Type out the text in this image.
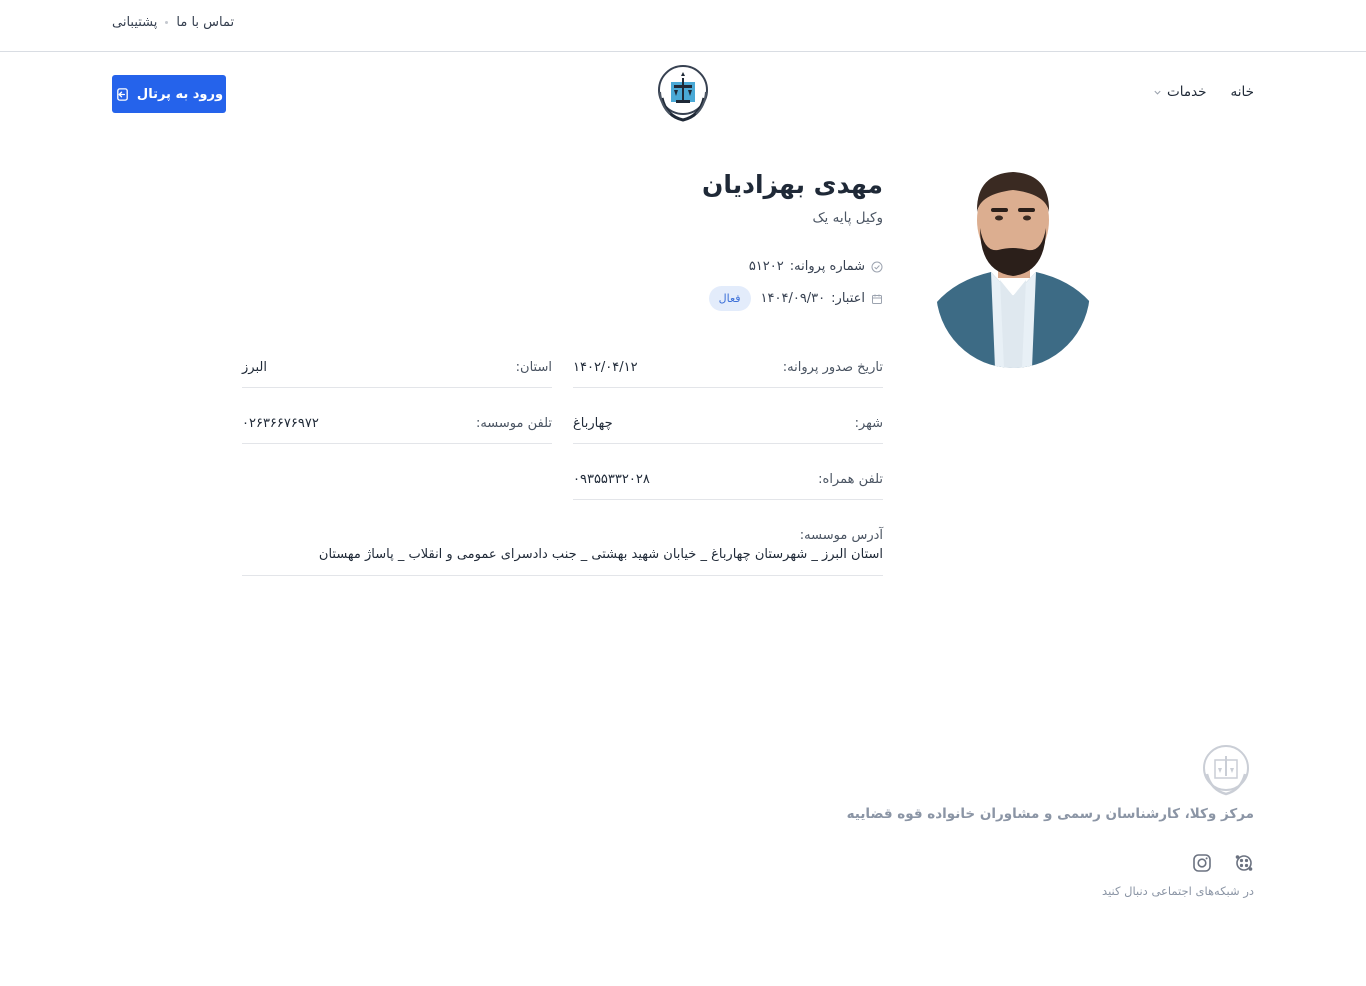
پشتیبانی تماس با ما
خانه
خدمات
ورود به پرتال
مهدی بهزادیان
وکیل پایه یک
شماره پروانه:
۵۱۲۰۲
اعتبار:
۱۴۰۴/۰۹/۳۰
فعال
تاریخ صدور پروانه:
۱۴۰۲/۰۴/۱۲
استان:
البرز
شهر:
چهارباغ
تلفن موسسه:
۰۲۶۳۶۶۷۶۹۷۲
تلفن همراه:
۰۹۳۵۵۳۳۲۰۲۸
آدرس موسسه:
استان البرز _ شهرستان چهارباغ _ خیابان شهید بهشتی _ جنب دادسرای عمومی و انقلاب _ پاساژ مهستان
مرکز وکلا، کارشناسان رسمی و مشاوران خانواده قوه قضاییه
در شبکه‌های اجتماعی دنبال کنید
